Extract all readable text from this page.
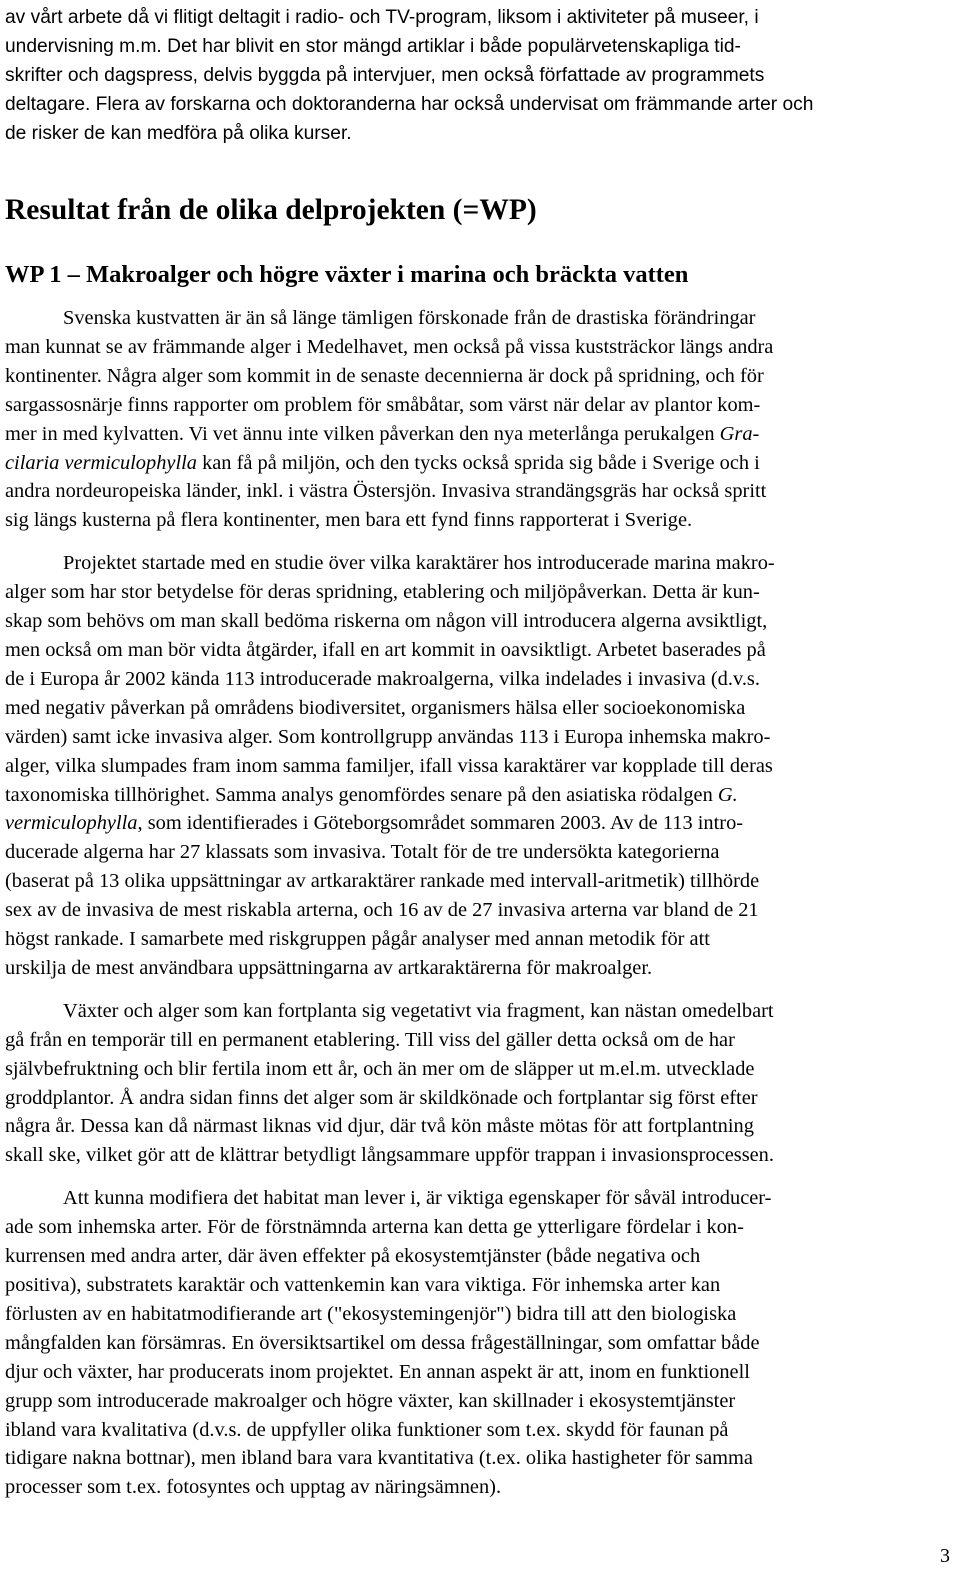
av vårt arbete då vi flitigt deltagit i radio- och TV-program, liksom i aktiviteter på museer, i
undervisning m.m. Det har blivit en stor mängd artiklar i både populärvetenskapliga tid-
skrifter och dagspress, delvis byggda på intervjuer, men också författade av programmets
deltagare. Flera av forskarna och doktoranderna har också undervisat om främmande arter och
de risker de kan medföra på olika kurser.
Resultat från de olika delprojekten (=WP)
WP 1 – Makroalger och högre växter i marina och bräckta vatten
Svenska kustvatten är än så länge tämligen förskonade från de drastiska förändringar
man kunnat se av främmande alger i Medelhavet, men också på vissa kuststräckor längs andra
kontinenter. Några alger som kommit in de senaste decennierna är dock på spridning, och för
sargassosnärje finns rapporter om problem för småbåtar, som värst när delar av plantor kom-
mer in med kylvatten. Vi vet ännu inte vilken påverkan den nya meterlånga perukalgen Gra-
cilaria vermiculophylla kan få på miljön, och den tycks också sprida sig både i Sverige och i
andra nordeuropeiska länder, inkl. i västra Östersjön. Invasiva strandängsgräs har också spritt
sig längs kusterna på flera kontinenter, men bara ett fynd finns rapporterat i Sverige.
Projektet startade med en studie över vilka karaktärer hos introducerade marina makro-
alger som har stor betydelse för deras spridning, etablering och miljöpåverkan. Detta är kun-
skap som behövs om man skall bedöma riskerna om någon vill introducera algerna avsiktligt,
men också om man bör vidta åtgärder, ifall en art kommit in oavsiktligt. Arbetet baserades på
de i Europa år 2002 kända 113 introducerade makroalgerna, vilka indelades i invasiva (d.v.s.
med negativ påverkan på områdens biodiversitet, organismers hälsa eller socioekonomiska
värden) samt icke invasiva alger. Som kontrollgrupp användas 113 i Europa inhemska makro-
alger, vilka slumpades fram inom samma familjer, ifall vissa karaktärer var kopplade till deras
taxonomiska tillhörighet. Samma analys genomfördes senare på den asiatiska rödalgen G.
vermiculophylla, som identifierades i Göteborgsområdet sommaren 2003. Av de 113 intro-
ducerade algerna har 27 klassats som invasiva. Totalt för de tre undersökta kategorierna
(baserat på 13 olika uppsättningar av artkaraktärer rankade med intervall-aritmetik) tillhörde
sex av de invasiva de mest riskabla arterna, och 16 av de 27 invasiva arterna var bland de 21
högst rankade. I samarbete med riskgruppen pågår analyser med annan metodik för att
urskilja de mest användbara uppsättningarna av artkaraktärerna för makroalger.
Växter och alger som kan fortplanta sig vegetativt via fragment, kan nästan omedelbart
gå från en temporär till en permanent etablering. Till viss del gäller detta också om de har
självbefruktning och blir fertila inom ett år, och än mer om de släpper ut m.el.m. utvecklade
groddplantor. Å andra sidan finns det alger som är skildkönade och fortplantar sig först efter
några år. Dessa kan då närmast liknas vid djur, där två kön måste mötas för att fortplantning
skall ske, vilket gör att de klättrar betydligt långsammare uppför trappan i invasionsprocessen.
Att kunna modifiera det habitat man lever i, är viktiga egenskaper för såväl introducer-
ade som inhemska arter. För de förstnämnda arterna kan detta ge ytterligare fördelar i kon-
kurrensen med andra arter, där även effekter på ekosystemtjänster (både negativa och
positiva), substratets karaktär och vattenkemin kan vara viktiga. För inhemska arter kan
förlusten av en habitatmodifierande art ("ekosystemingenjör") bidra till att den biologiska
mångfalden kan försämras. En översiktsartikel om dessa frågeställningar, som omfattar både
djur och växter, har producerats inom projektet. En annan aspekt är att, inom en funktionell
grupp som introducerade makroalger och högre växter, kan skillnader i ekosystemtjänster
ibland vara kvalitativa (d.v.s. de uppfyller olika funktioner som t.ex. skydd för faunan på
tidigare nakna bottnar), men ibland bara vara kvantitativa (t.ex. olika hastigheter för samma
processer som t.ex. fotosyntes och upptag av näringsämnen).
3
